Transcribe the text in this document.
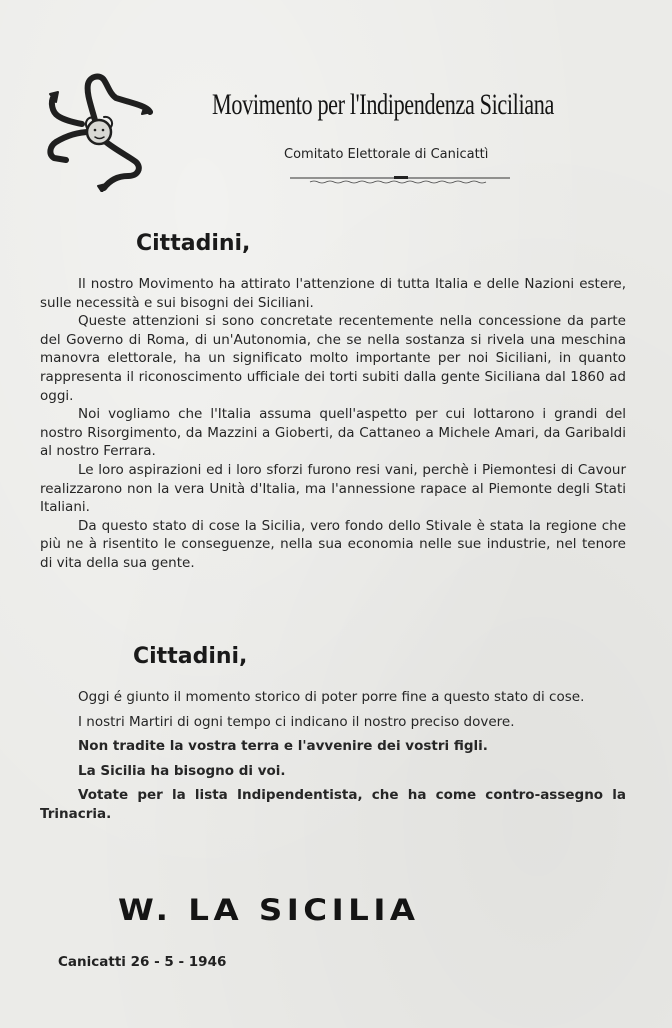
Movimento per l'Indipendenza Siciliana
Comitato Elettorale di Canicattì
Cittadini,

Il nostro Movimento ha attirato l'attenzione di tutta Italia e delle Nazioni estere, sulle necessità e sui bisogni dei Siciliani.

Queste attenzioni si sono concretate recentemente nella concessione da parte del Governo di Roma, di un'Autonomia, che se nella sostanza si rivela una meschina manovra elettorale, ha un significato molto importante per noi Siciliani, in quanto rappresenta il riconoscimento ufficiale dei torti subiti dalla gente Siciliana dal 1860 ad oggi.

Noi vogliamo che l'Italia assuma quell'aspetto per cui lottarono i grandi del nostro Risorgimento, da Mazzini a Gioberti, da Cattaneo a Michele Amari, da Garibaldi al nostro Ferrara.

Le loro aspirazioni ed i loro sforzi furono resi vani, perchè i Piemontesi di Cavour realizzarono non la vera Unità d'Italia, ma l'annessione rapace al Piemonte degli Stati Italiani.

Da questo stato di cose la Sicilia, vero fondo dello Stivale è stata la regione che più ne à risentito le conseguenze, nella sua economia nelle sue industrie, nel tenore di vita della sua gente.

Cittadini,

Oggi é giunto il momento storico di poter porre fine a questo stato di cose.

I nostri Martiri di ogni tempo ci indicano il nostro preciso dovere.

Non tradite la vostra terra e l'avvenire dei vostri figli.

La Sicilia ha bisogno di voi.

Votate per la lista Indipendentista, che ha come contro-assegno la Trinacria.

W. LA SICILIA
Canicatti 26 - 5 - 1946
